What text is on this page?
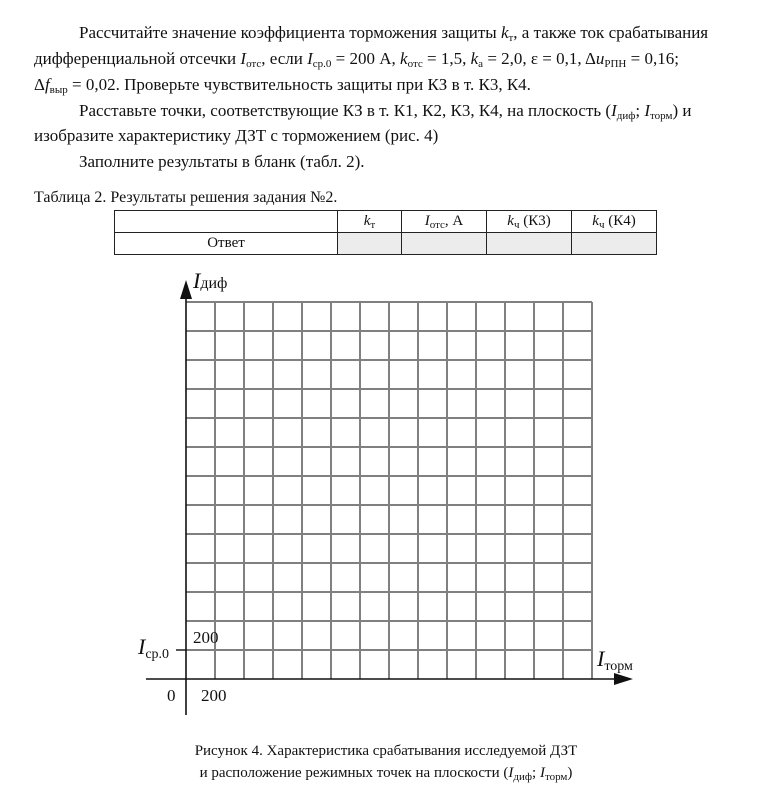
Рассчитайте значение коэффициента торможения защиты $k_т$, а также ток срабатывания
дифференциальной отсечки $I_{отс}$, если $I_{ср.0} = 200$ А, $k_{отс} = 1,5$, $k_а = 2,0$, ε = 0,1, $\Delta u_{РПН} = 0,16$;
$\Delta f_{выр} = 0,02$. Проверьте чувствительность защиты при КЗ в т. К3, К4.
Расставьте точки, соответствующие КЗ в т. К1, К2, К3, К4, на плоскость ($I_{диф}$; $I_{торм}$) и
изобразите характеристику ДЗТ с торможением (рис. 4)
Заполните результаты в бланк (табл. 2).
Таблица 2. Результаты решения задания №2.
	$k_т$	$I_{отс}$, А	$k_ч$ (К3)	$k_ч$ (К4)
Ответ				
Iдиф
Iторм
Iср.0
200
0 200
Рисунок 4. Характеристика срабатывания исследуемой ДЗТ
и расположение режимных точек на плоскости ($I_{диф}$; $I_{торм}$)
